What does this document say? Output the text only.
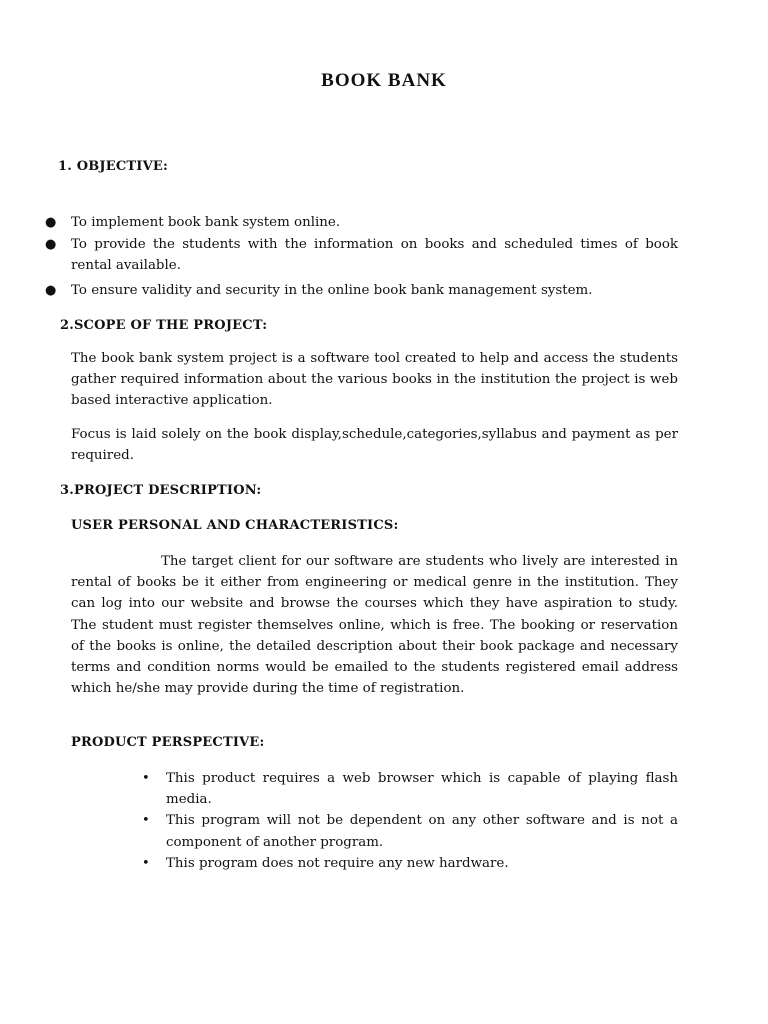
BOOK BANK
1. OBJECTIVE:
● To implement book bank system online.
● To provide the students with the information on books and scheduled times of book rental available.
● To ensure validity and security in the online book bank management system.
2.SCOPE OF THE PROJECT:
The book bank system project is a software tool created to help and access the students gather required information about the various books in the institution the project is web based interactive application.
Focus is laid solely on the book display,schedule,categories,syllabus and payment as per required.
3.PROJECT DESCRIPTION:
USER PERSONAL AND CHARACTERISTICS:
The target client for our software are students who lively are interested in rental of books be it either from engineering or medical genre in the institution. They can log into our website and browse the courses which they have aspiration to study. The student must register themselves online, which is free. The booking or reservation of the books is online, the detailed description about their book package and necessary terms and condition norms would be emailed to the students registered email address which he/she may provide during the time of registration.
PRODUCT PERSPECTIVE:
• This product requires a web browser which is capable of playing flash media.
• This program will not be dependent on any other software and is not a component of another program.
• This program does not require any new hardware.
